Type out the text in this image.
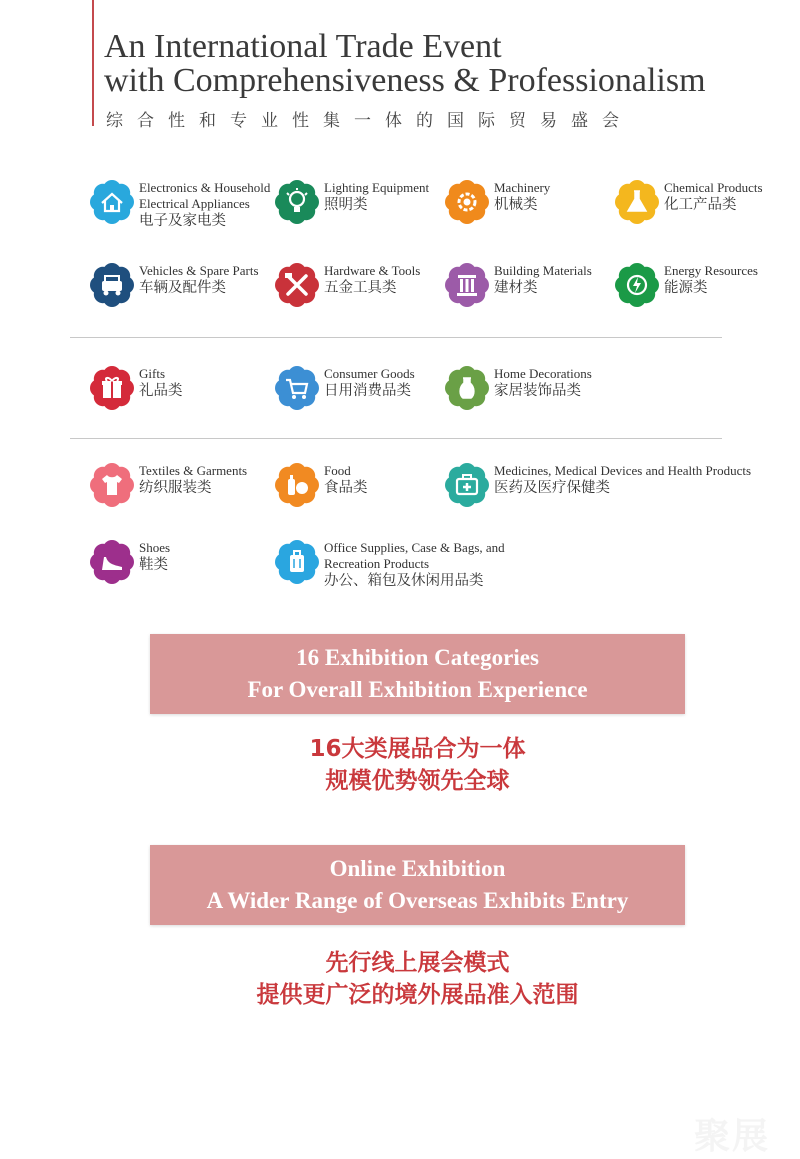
An International Trade Event
with Comprehensiveness & Professionalism
综合性和专业性集一体的国际贸易盛会
Electronics & Household
Electrical Appliances
电子及家电类
Lighting Equipment
照明类
Machinery
机械类
Chemical Products
化工产品类
Vehicles & Spare Parts
车辆及配件类
Hardware & Tools
五金工具类
Building Materials
建材类
Energy Resources
能源类
Gifts
礼品类
Consumer Goods
日用消费品类
Home Decorations
家居装饰品类
Textiles & Garments
纺织服装类
Food
食品类
Medicines, Medical Devices and Health Products
医药及医疗保健类
Shoes
鞋类
Office Supplies, Case & Bags, and
Recreation Products
办公、箱包及休闲用品类
16 Exhibition Categories
For Overall Exhibition Experience
16大类展品合为一体
规模优势领先全球
Online Exhibition
A Wider Range of Overseas Exhibits Entry
先行线上展会模式
提供更广泛的境外展品准入范围
聚展
